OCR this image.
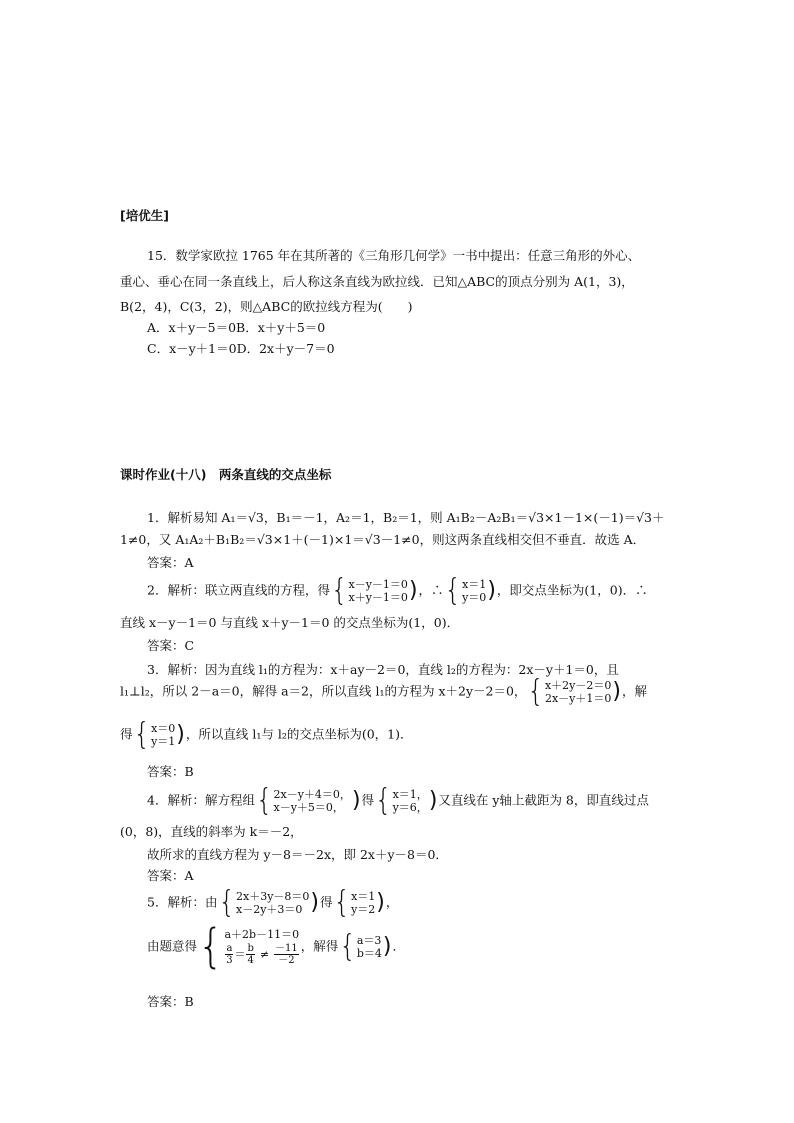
[培优生]
15．数学家欧拉 1765 年在其所著的《三角形几何学》一书中提出：任意三角形的外心、
重心、垂心在同一条直线上，后人称这条直线为欧拉线．已知△ABC的顶点分别为 A(1，3)，
B(2，4)，C(3，2)，则△ABC的欧拉线方程为(　　)
A．x＋y－5＝0B．x＋y＋5＝0
C．x－y＋1＝0D．2x＋y－7＝0
课时作业(十八)　两条直线的交点坐标
1．解析易知 A₁＝√3，B₁＝－1，A₂＝1，B₂＝1，则 A₁B₂－A₂B₁＝√3×1－1×(－1)＝√3＋
1≠0，又 A₁A₂＋B₁B₂＝√3×1＋(－1)×1＝√3－1≠0，则这两条直线相交但不垂直．故选 A．
答案：A
2．解析：联立两直线的方程，得 { x－y－1＝0
x＋y－1＝0 ) ，∴ { x＝1
y＝0 ) ，即交点坐标为(1，0)．∴
直线 x－y－1＝0 与直线 x＋y－1＝0 的交点坐标为(1，0)．
答案：C
3．解析：因为直线 l₁的方程为：x＋ay－2＝0，直线 l₂的方程为：2x－y＋1＝0，且
l₁⊥l₂，所以 2－a＝0，解得 a＝2，所以直线 l₁的方程为 x＋2y－2＝0， { x＋2y－2＝0
2x－y＋1＝0 ) ，解
得 { x＝0
y＝1 ) ，所以直线 l₁与 l₂的交点坐标为(0，1)．
答案：B
4．解析：解方程组 { 2x－y＋4＝0，
x－y＋5＝0， ) 得 { x＝1，
y＝6， ) 又直线在 y轴上截距为 8，即直线过点
(0，8)，直线的斜率为 k＝－2，
故所求的直线方程为 y－8＝－2x，即 2x＋y－8＝0．
答案：A
5．解析：由 { 2x＋3y－8＝0
x－2y＋3＝0 ) 得 { x＝1
y＝2 ) ，
由题意得 { a＋2b－11＝0
$\frac{a}{3} = \frac{b}{4} \ne \frac{-11}{-2}$ ，解得 { a＝3
b＝4 ) ．
答案：B
